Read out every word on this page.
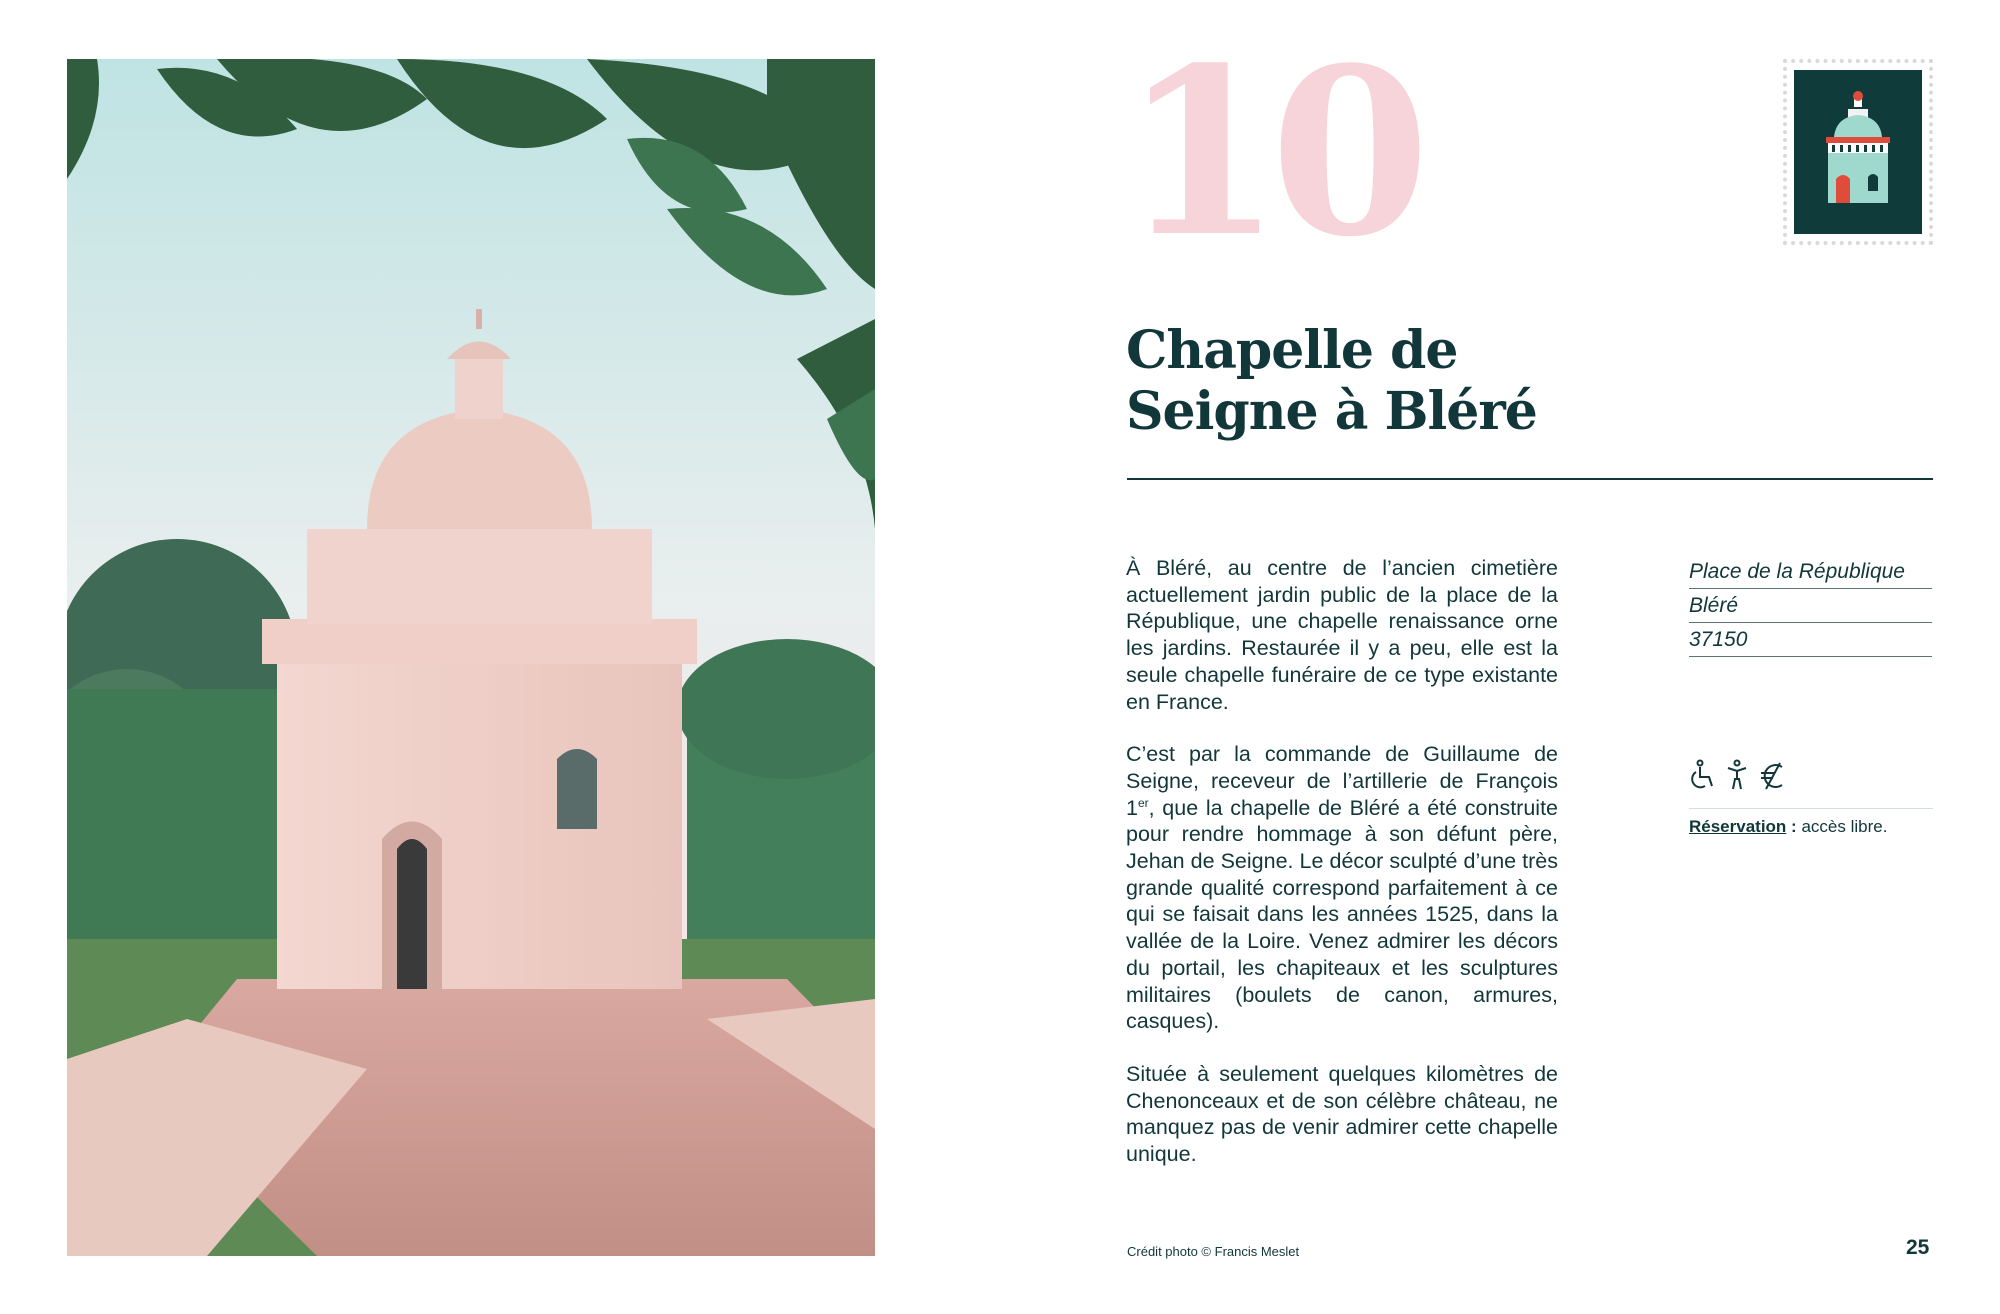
10
Chapelle de
Seigne à Bléré

À Bléré, au centre de l’ancien cimetière actuellement jardin public de la place de la République, une chapelle renaissance orne les jardins. Restaurée il y a peu, elle est la seule chapelle funéraire de ce type existante en France.

C’est par la commande de Guillaume de Seigne, receveur de l’artillerie de François 1er, que la chapelle de Bléré a été construite pour rendre hommage à son défunt père, Jehan de Seigne. Le décor sculpté d’une très grande qualité correspond parfaitement à ce qui se faisait dans les années 1525, dans la vallée de la Loire. Venez admirer les décors du portail, les chapiteaux et les sculptures militaires (boulets de canon, armures, casques).

Située à seulement quelques kilomètres de Chenonceaux et de son célèbre château, ne manquez pas de venir admirer cette chapelle unique.

Place de la République
Bléré
37150
Réservation : accès libre.
Crédit photo © Francis Meslet	25
